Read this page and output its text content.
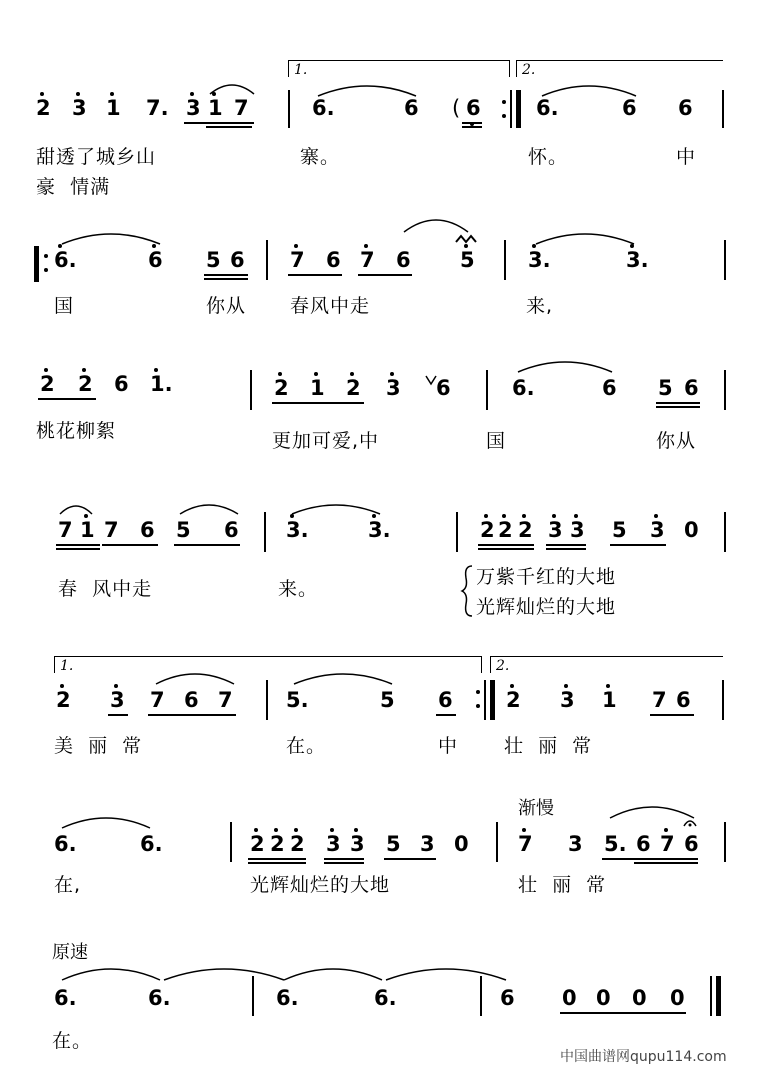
2 3 1 7. 3 1 7	6.	6 ( 6	6.	6 6
1.	2.
甜透了城乡山	寨。	怀。	中
豪  情满
6.	6 5 6 7 6 7 6 5	3.	3.
国	你从 春风中走	来,
2 2 6 1.	2 1 2 3 6	6.	6 5 6
桃花柳絮	更加可爱,中	国	你从
7 1 7 6 5 6 3.	3.	2 2 2 3 3 5 3 0
春  风中走	来。
万紫千红的大地
光辉灿烂的大地
1.	2.
2 3 7 6 7	5.	5 6	2 3 1 7 6
美  丽  常	在。	中 壮  丽  常
渐慢
6.	6.	2 2 2 3 3 5 3 0 7 3 5. 6 7 6
在,	光辉灿烂的大地	壮  丽  常
原速
6.	6.	6.	6.	6 0 0 0 0
在。
中国曲谱网qupu114.com
